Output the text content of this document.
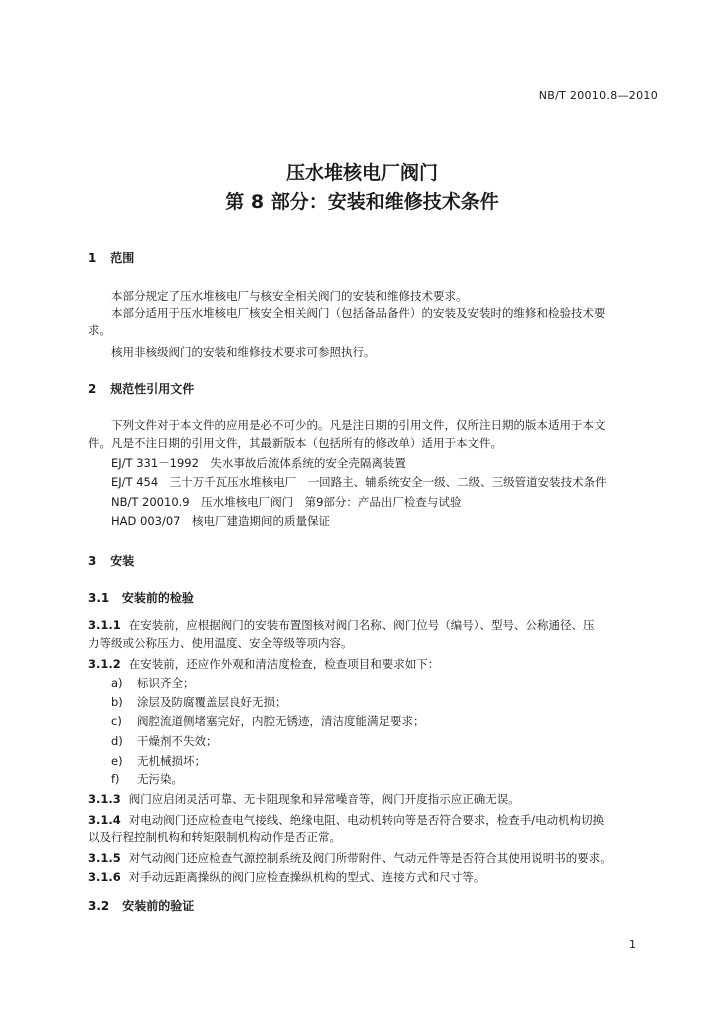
NB/T 20010.8—2010
压水堆核电厂阀门
第 8 部分：安装和维修技术条件
1 范围
本部分规定了压水堆核电厂与核安全相关阀门的安装和维修技术要求。
本部分适用于压水堆核电厂核安全相关阀门（包括备品备件）的安装及安装时的维修和检验技术要
求。
核用非核级阀门的安装和维修技术要求可参照执行。
2 规范性引用文件
下列文件对于本文件的应用是必不可少的。凡是注日期的引用文件，仅所注日期的版本适用于本文
件。凡是不注日期的引用文件，其最新版本（包括所有的修改单）适用于本文件。
EJ/T 331－1992　失水事故后流体系统的安全壳隔离装置
EJ/T 454　三十万千瓦压水堆核电厂　一回路主、辅系统安全一级、二级、三级管道安装技术条件
NB/T 20010.9　压水堆核电厂阀门　第9部分：产品出厂检查与试验
HAD 003/07　核电厂建造期间的质量保证
3 安装
3.1 安装前的检验
3.1.1 在安装前，应根据阀门的安装布置图核对阀门名称、阀门位号（编号）、型号、公称通径、压
力等级或公称压力、使用温度、安全等级等项内容。
3.1.2 在安装前，还应作外观和清洁度检查，检查项目和要求如下：
a) 标识齐全；
b) 涂层及防腐覆盖层良好无损；
c) 阀腔流道侧堵塞完好，内腔无锈迹，清洁度能满足要求；
d) 干燥剂不失效；
e) 无机械损坏；
f) 无污染。
3.1.3 阀门应启闭灵活可靠、无卡阻现象和异常噪音等，阀门开度指示应正确无误。
3.1.4 对电动阀门还应检查电气接线、绝缘电阻、电动机转向等是否符合要求，检查手/电动机构切换
以及行程控制机构和转矩限制机构动作是否正常。
3.1.5 对气动阀门还应检查气源控制系统及阀门所带附件、气动元件等是否符合其使用说明书的要求。
3.1.6 对手动远距离操纵的阀门应检查操纵机构的型式、连接方式和尺寸等。
3.2 安装前的验证
1
